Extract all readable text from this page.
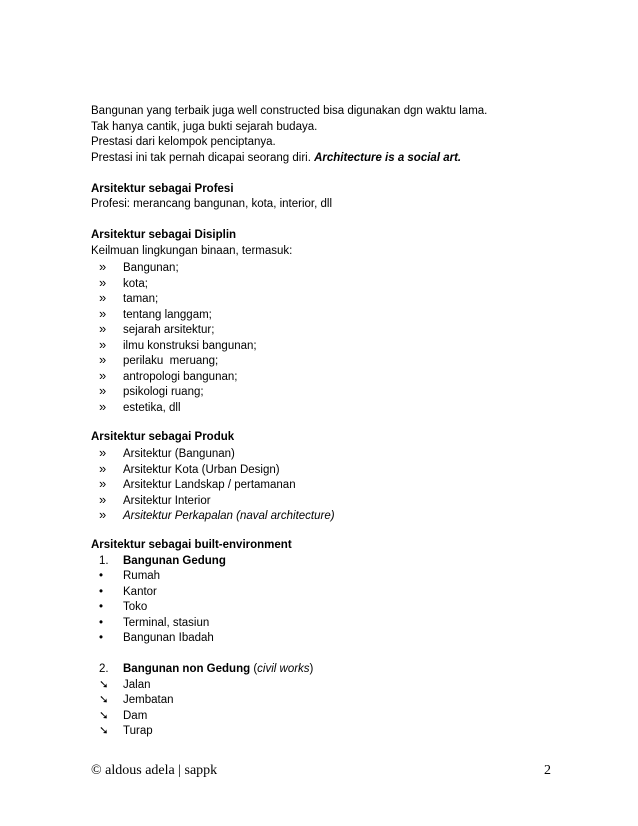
Bangunan yang terbaik juga well constructed bisa digunakan dgn waktu lama.
Tak hanya cantik, juga bukti sejarah budaya.
Prestasi dari kelompok penciptanya.
Prestasi ini tak pernah dicapai seorang diri. Architecture is a social art.
Arsitektur sebagai Profesi
Profesi: merancang bangunan, kota, interior, dll
Arsitektur sebagai Disiplin
Keilmuan lingkungan binaan, termasuk:
» Bangunan;
» kota;
» taman;
» tentang langgam;
» sejarah arsitektur;
» ilmu konstruksi bangunan;
» perilaku  meruang;
» antropologi bangunan;
» psikologi ruang;
» estetika, dll
Arsitektur sebagai Produk
» Arsitektur (Bangunan)
» Arsitektur Kota (Urban Design)
» Arsitektur Landskap / pertamanan
» Arsitektur Interior
» Arsitektur Perkapalan (naval architecture)
Arsitektur sebagai built-environment
1. Bangunan Gedung
• Rumah
• Kantor
• Toko
• Terminal, stasiun
• Bangunan Ibadah
2. Bangunan non Gedung (civil works)
➘ Jalan
➘ Jembatan
➘ Dam
➘ Turap
© aldous adela | sappk	2
